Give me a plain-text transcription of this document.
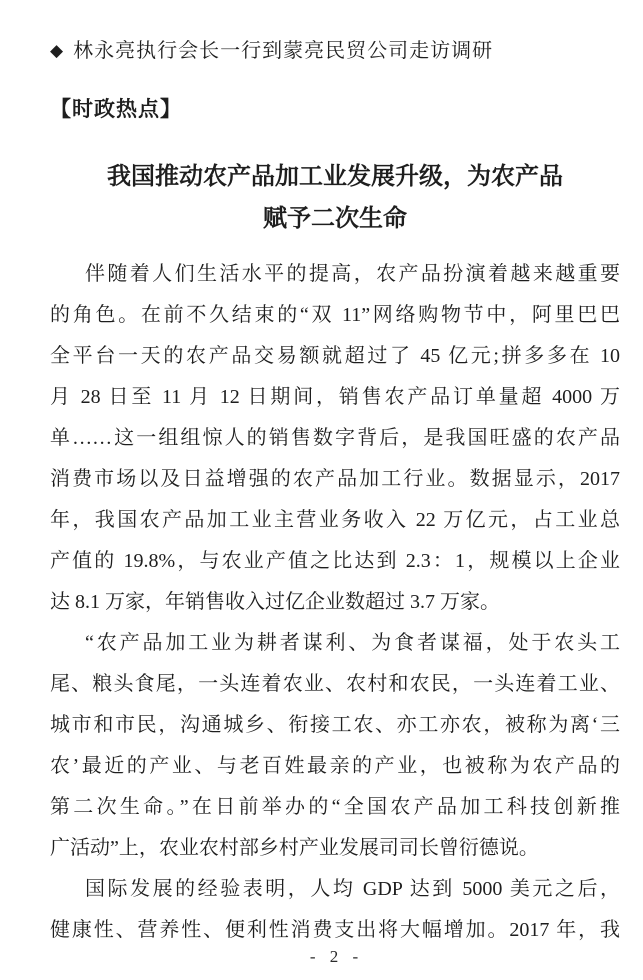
◆ 林永亮执行会长一行到蒙亮民贸公司走访调研
【时政热点】
我国推动农产品加工业发展升级，为农产品
赋予二次生命
伴随着人们生活水平的提高，农产品扮演着越来越重要
的角色。在前不久结束的“双 11”网络购物节中，阿里巴巴
全平台一天的农产品交易额就超过了 45 亿元;拼多多在 10
月 28 日至 11 月 12 日期间，销售农产品订单量超 4000 万
单……这一组组惊人的销售数字背后，是我国旺盛的农产品
消费市场以及日益增强的农产品加工行业。数据显示，2017
年，我国农产品加工业主营业务收入 22 万亿元，占工业总
产值的 19.8%，与农业产值之比达到 2.3：1，规模以上企业
达 8.1 万家，年销售收入过亿企业数超过 3.7 万家。
“农产品加工业为耕者谋利、为食者谋福，处于农头工
尾、粮头食尾，一头连着农业、农村和农民，一头连着工业、
城市和市民，沟通城乡、衔接工农、亦工亦农，被称为离‘三
农’最近的产业、与老百姓最亲的产业，也被称为农产品的
第二次生命。”在日前举办的“全国农产品加工科技创新推
广活动”上，农业农村部乡村产业发展司司长曾衍德说。
国际发展的经验表明，人均 GDP 达到 5000 美元之后，
健康性、营养性、便利性消费支出将大幅增加。2017 年，我
- 2 -
